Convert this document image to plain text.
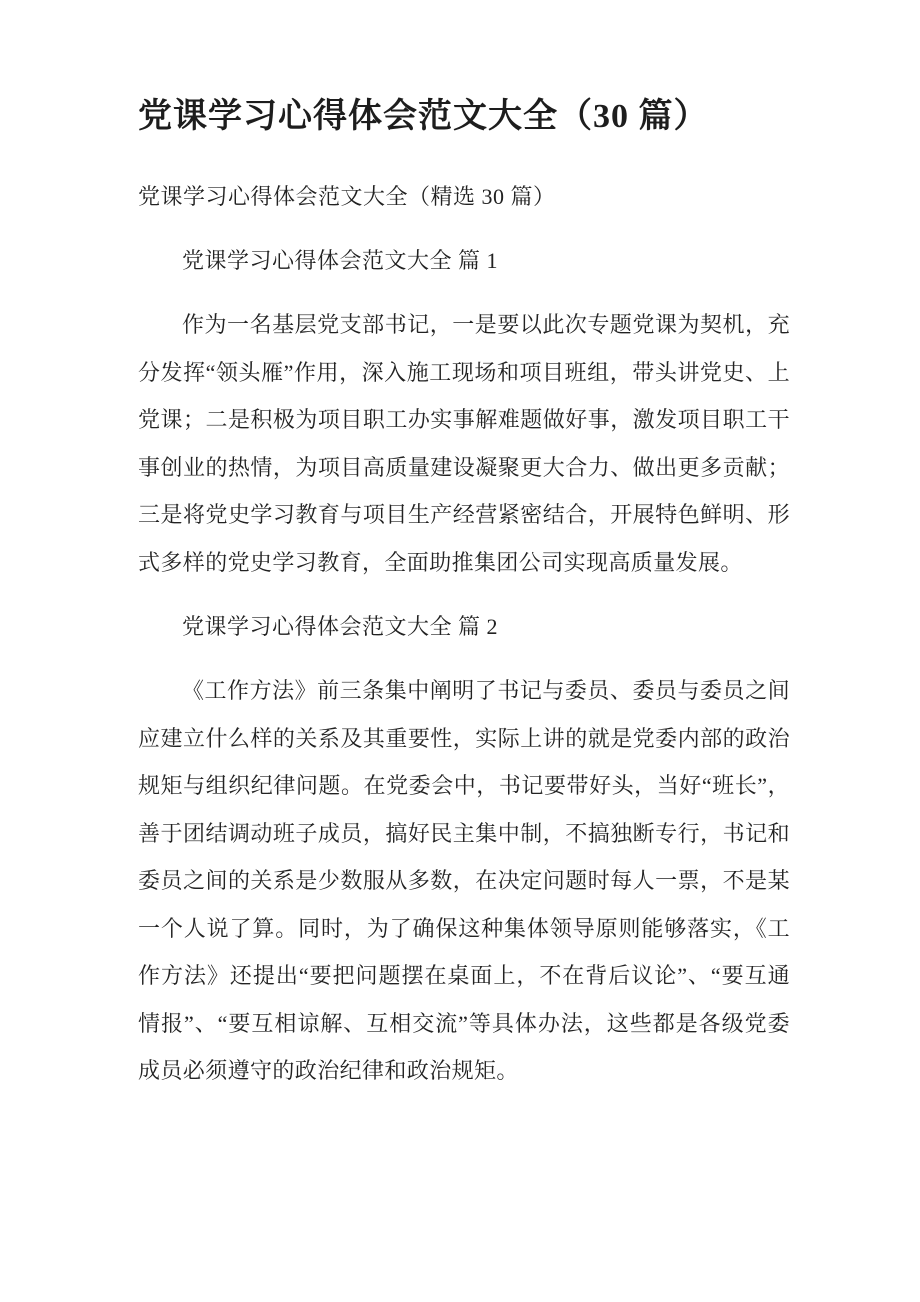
党课学习心得体会范文大全（30 篇）

党课学习心得体会范文大全（精选 30 篇）

党课学习心得体会范文大全 篇 1

作为一名基层党支部书记，一是要以此次专题党课为契机，充分发挥“领头雁”作用，深入施工现场和项目班组，带头讲党史、上党课；二是积极为项目职工办实事解难题做好事，激发项目职工干事创业的热情，为项目高质量建设凝聚更大合力、做出更多贡献；三是将党史学习教育与项目生产经营紧密结合，开展特色鲜明、形式多样的党史学习教育，全面助推集团公司实现高质量发展。

党课学习心得体会范文大全 篇 2

《工作方法》前三条集中阐明了书记与委员、委员与委员之间应建立什么样的关系及其重要性，实际上讲的就是党委内部的政治规矩与组织纪律问题。在党委会中，书记要带好头，当好“班长”，善于团结调动班子成员，搞好民主集中制，不搞独断专行，书记和委员之间的关系是少数服从多数，在决定问题时每人一票，不是某一个人说了算。同时，为了确保这种集体领导原则能够落实，《工作方法》还提出“要把问题摆在桌面上，不在背后议论”、“要互通情报”、“要互相谅解、互相交流”等具体办法，这些都是各级党委成员必须遵守的政治纪律和政治规矩。
